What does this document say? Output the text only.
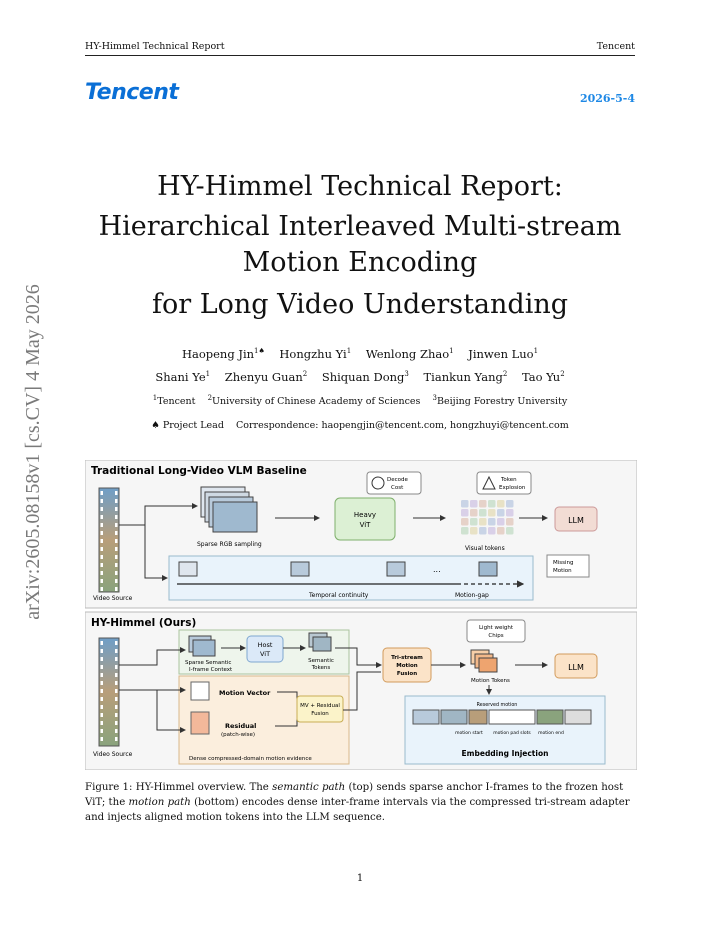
HY-Himmel Technical Report	Tencent
Tencent	2026-5-4
arXiv:2605.08158v1 [cs.CV] 4 May 2026
HY-Himmel Technical Report:
Hierarchical Interleaved Multi-stream
Motion Encoding
for Long Video Understanding
Haopeng Jin$^{1♠}$ Hongzhu Yi$^1$ Wenlong Zhao$^1$ Jinwen Luo$^1$
Shani Ye$^1$ Zhenyu Guan$^2$ Shiquan Dong$^3$ Tiankun Yang$^2$ Tao Yu$^2$
$^1$Tencent $^2$University of Chinese Academy of Sciences $^3$Beijing Forestry University
♠ Project Lead Correspondence: haopengjin@tencent.com, hongzhuyi@tencent.com
Traditional Long-Video VLM Baseline
Video Source
Sparse RGB sampling
Decode
Cost
Heavy
ViT
Token
Explosion
Visual tokens
LLM
...
Temporal continuity	Motion-gap
Missing
Motion
HY-Himmel (Ours)
Video Source
Sparse Semantic
I-frame Context
Host
ViT
Semantic
Tokens
Motion Vector
Residual
(patch-wise)
Dense compressed-domain motion evidence
MV + Residual
Fusion
Tri-stream
Motion
Fusion
Light weight
Chips
Motion Tokens
LLM
Reserved motion
motion start motion pad slots motion end
Embedding Injection
Figure 1: HY-Himmel overview. The semantic path (top) sends sparse anchor I-frames to the frozen host ViT; the motion path (bottom) encodes dense inter-frame intervals via the compressed tri-stream adapter and injects aligned motion tokens into the LLM sequence.
1
